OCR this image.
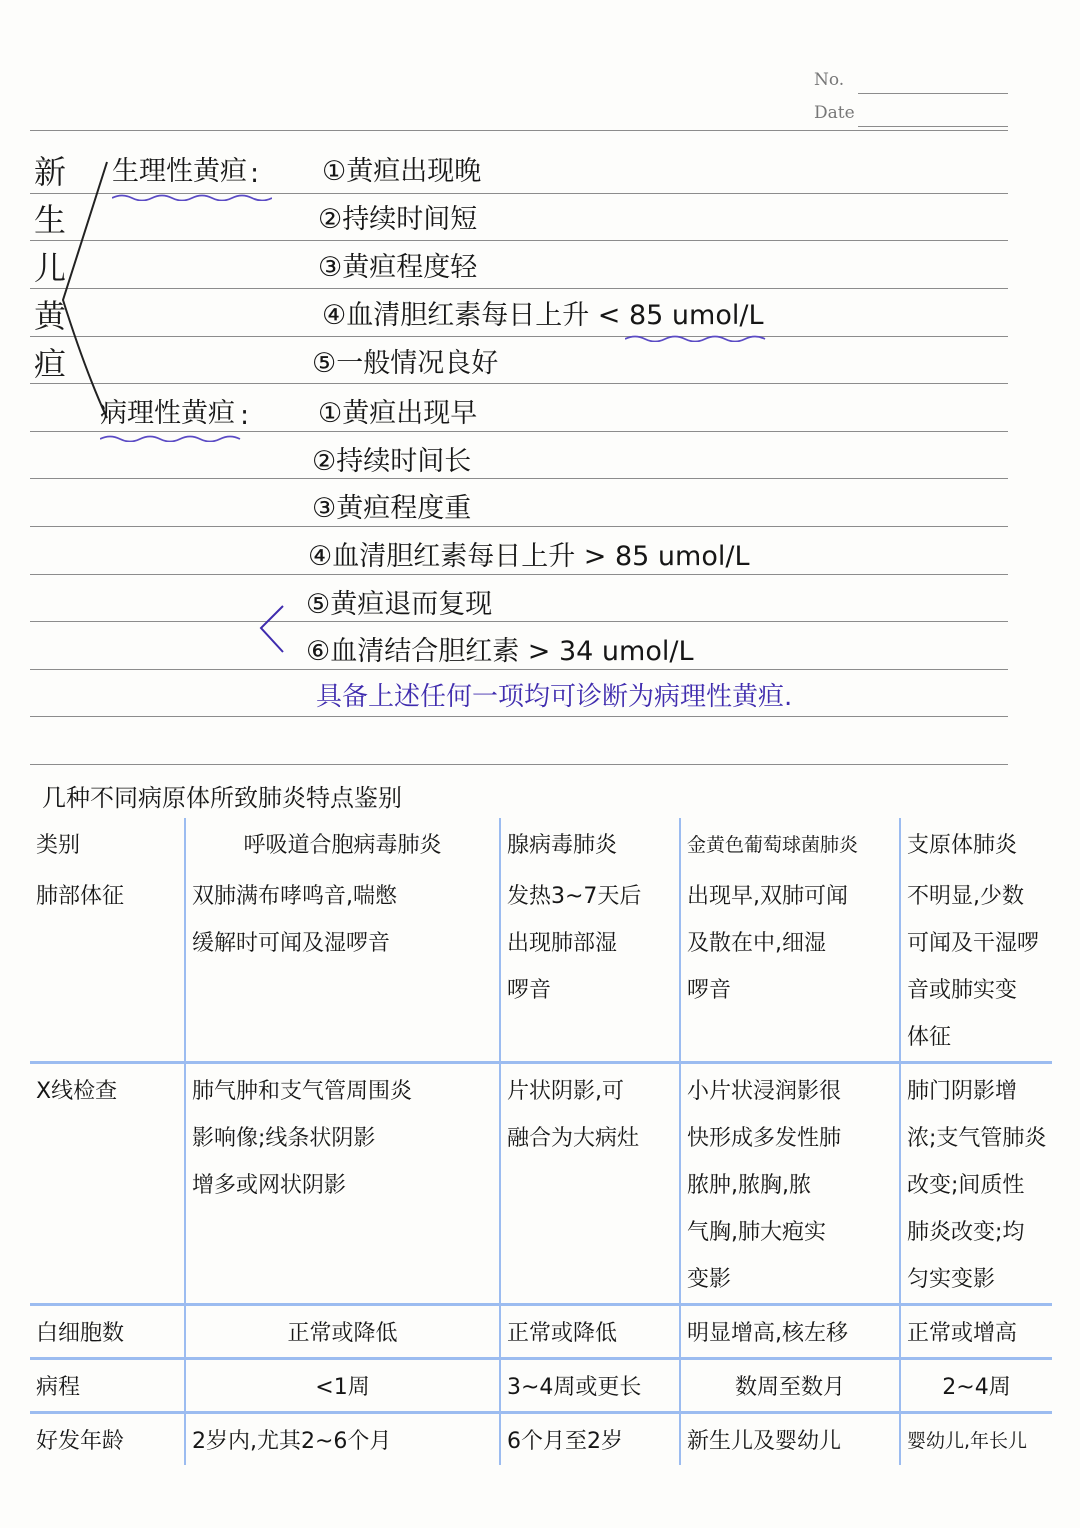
No.
Date
新
生
儿
黄
疸
生理性黄疸 : ①黄疸出现晚
②持续时间短
③黄疸程度轻
④血清胆红素每日上升 < 85 umol/L
⑤一般情况良好
病理性黄疸 :	①黄疸出现早
②持续时间长
③黄疸程度重
④血清胆红素每日上升 > 85 umol/L
⑤黄疸退而复现
⑥血清结合胆红素 > 34 umol/L
具备上述任何一项均可诊断为病理性黄疸.
几种不同病原体所致肺炎特点鉴别
类别	呼吸道合胞病毒肺炎	腺病毒肺炎	金黄色葡萄球菌肺炎	支原体肺炎

肺部体征	双肺满布哮鸣音,喘憋
缓解时可闻及湿啰音	发热3~7天后
出现肺部湿
啰音	出现早,双肺可闻
及散在中,细湿
啰音	不明显,少数
可闻及干湿啰
音或肺实变
体征

X线检查	肺气肿和支气管周围炎
影响像;线条状阴影
增多或网状阴影	片状阴影,可
融合为大病灶	小片状浸润影很
快形成多发性肺
脓肿,脓胸,脓
气胸,肺大疱实
变影	肺门阴影增
浓;支气管肺炎
改变;间质性
肺炎改变;均
匀实变影

白细胞数	正常或降低	正常或降低	明显增高,核左移	正常或增高

病程	<1周	3~4周或更长	数周至数月	2~4周

好发年龄	2岁内,尤其2~6个月	6个月至2岁	新生儿及婴幼儿	婴幼儿,年长儿
